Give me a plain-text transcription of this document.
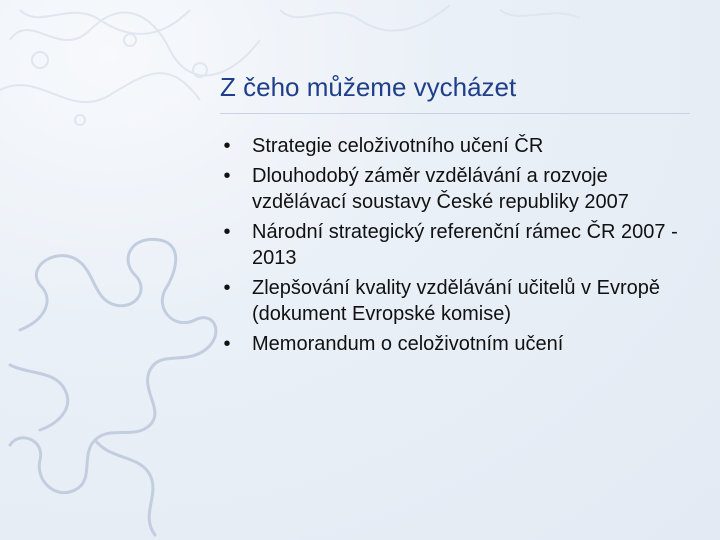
Z čeho můžeme vycházet
• Strategie celoživotního učení ČR
• Dlouhodobý záměr vzdělávání a rozvoje vzdělávací soustavy České republiky 2007
• Národní strategický referenční rámec ČR 2007 - 2013
• Zlepšování kvality vzdělávání učitelů v Evropě (dokument Evropské komise)
• Memorandum o celoživotním učení
